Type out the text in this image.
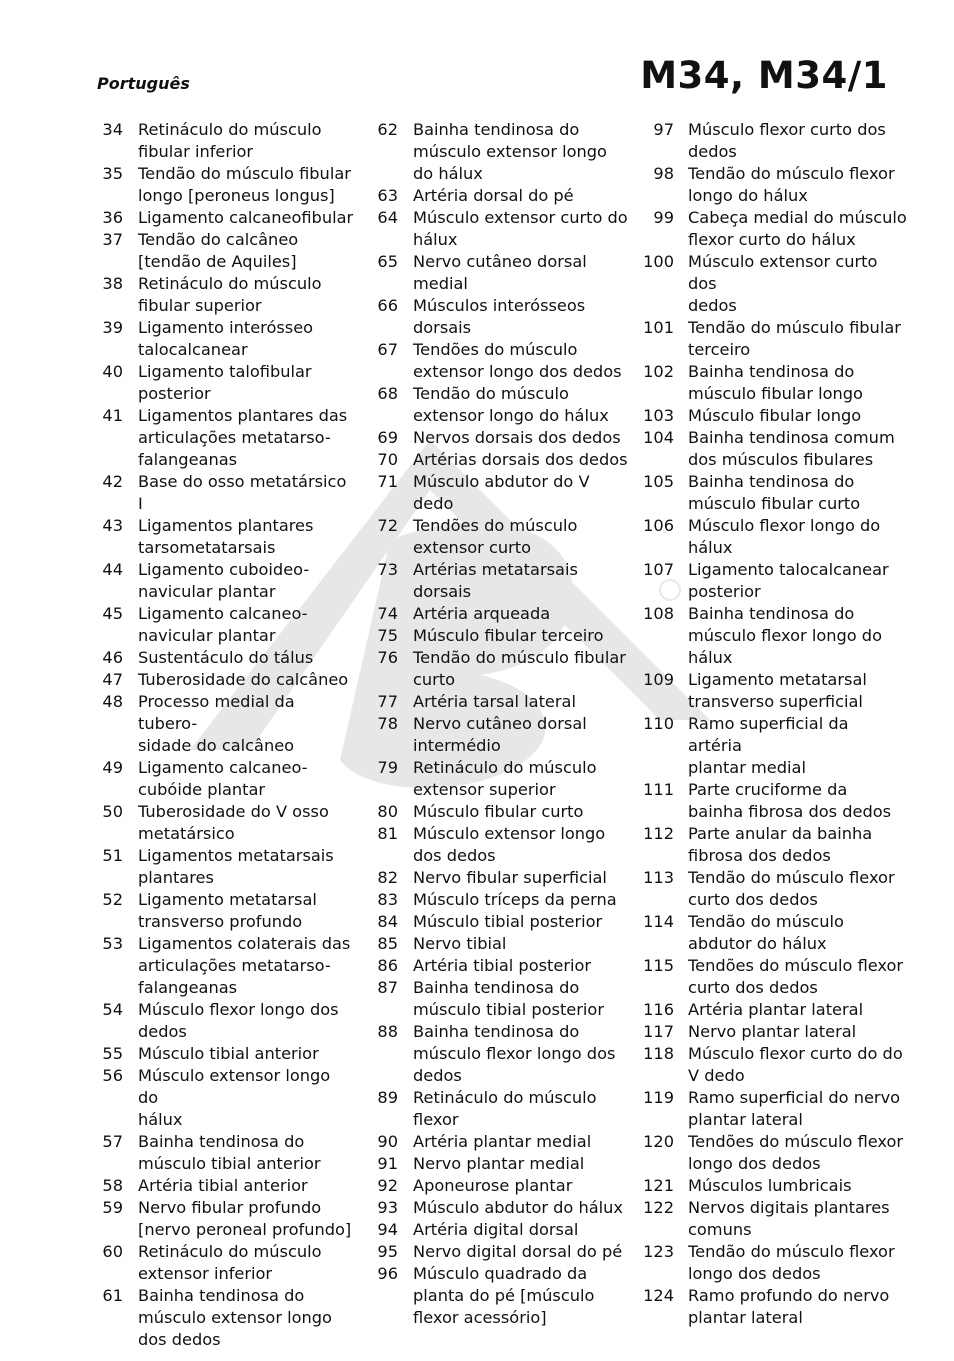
Português	M34, M34/1
34 Retináculo do músculo
fibular inferior
35 Tendão do músculo fibular
longo [peroneus longus]
36 Ligamento calcaneofibular
37 Tendão do calcâneo
[tendão de Aquiles]
38 Retináculo do músculo
fibular superior
39 Ligamento interósseo
talocalcanear
40 Ligamento talofibular
posterior
41 Ligamentos plantares das
articulações metatarso-
falangeanas
42 Base do osso metatársico I
43 Ligamentos plantares
tarsometatarsais
44 Ligamento cuboideo-
navicular plantar
45 Ligamento calcaneo-
navicular plantar
46 Sustentáculo do tálus
47 Tuberosidade do calcâneo
48 Processo medial da tubero-
sidade do calcâneo
49 Ligamento calcaneo-
cubóide plantar
50 Tuberosidade do V osso
metatársico
51 Ligamentos metatarsais
plantares
52 Ligamento metatarsal
transverso profundo
53 Ligamentos colaterais das
articulações metatarso-
falangeanas
54 Músculo flexor longo dos
dedos
55 Músculo tibial anterior
56 Músculo extensor longo do
hálux
57 Bainha tendinosa do
músculo tibial anterior
58 Artéria tibial anterior
59 Nervo fibular profundo
[nervo peroneal profundo]
60 Retináculo do músculo
extensor inferior
61 Bainha tendinosa do
músculo extensor longo
dos dedos
62 Bainha tendinosa do
músculo extensor longo
do hálux
63 Artéria dorsal do pé
64 Músculo extensor curto do
hálux
65 Nervo cutâneo dorsal
medial
66 Músculos interósseos dorsais
67 Tendões do músculo
extensor longo dos dedos
68 Tendão do músculo
extensor longo do hálux
69 Nervos dorsais dos dedos
70 Artérias dorsais dos dedos
71 Músculo abdutor do V
dedo
72 Tendões do músculo
extensor curto
73 Artérias metatarsais dorsais
74 Artéria arqueada
75 Músculo fibular terceiro
76 Tendão do músculo fibular
curto
77 Artéria tarsal lateral
78 Nervo cutâneo dorsal
intermédio
79 Retináculo do músculo
extensor superior
80 Músculo fibular curto
81 Músculo extensor longo
dos dedos
82 Nervo fibular superficial
83 Músculo tríceps da perna
84 Músculo tibial posterior
85 Nervo tibial
86 Artéria tibial posterior
87 Bainha tendinosa do
músculo tibial posterior
88 Bainha tendinosa do
músculo flexor longo dos
dedos
89 Retináculo do músculo
flexor
90 Artéria plantar medial
91 Nervo plantar medial
92 Aponeurose plantar
93 Músculo abdutor do hálux
94 Artéria digital dorsal
95 Nervo digital dorsal do pé
96 Músculo quadrado da
planta do pé [músculo
flexor acessório]
97 Músculo flexor curto dos
dedos
98 Tendão do músculo flexor
longo do hálux
99 Cabeça medial do músculo
flexor curto do hálux
100 Músculo extensor curto dos
dedos
101 Tendão do músculo fibular
terceiro
102 Bainha tendinosa do
músculo fibular longo
103 Músculo fibular longo
104 Bainha tendinosa comum
dos músculos fibulares
105 Bainha tendinosa do
músculo fibular curto
106 Músculo flexor longo do
hálux
107 Ligamento talocalcanear
posterior
108 Bainha tendinosa do
músculo flexor longo do
hálux
109 Ligamento metatarsal
transverso superficial
110 Ramo superficial da artéria
plantar medial
111 Parte cruciforme da
bainha fibrosa dos dedos
112 Parte anular da bainha
fibrosa dos dedos
113 Tendão do músculo flexor
curto dos dedos
114 Tendão do músculo
abdutor do hálux
115 Tendões do músculo flexor
curto dos dedos
116 Artéria plantar lateral
117 Nervo plantar lateral
118 Músculo flexor curto do do
V dedo
119 Ramo superficial do nervo
plantar lateral
120 Tendões do músculo flexor
longo dos dedos
121 Músculos lumbricais
122 Nervos digitais plantares
comuns
123 Tendão do músculo flexor
longo dos dedos
124 Ramo profundo do nervo
plantar lateral
